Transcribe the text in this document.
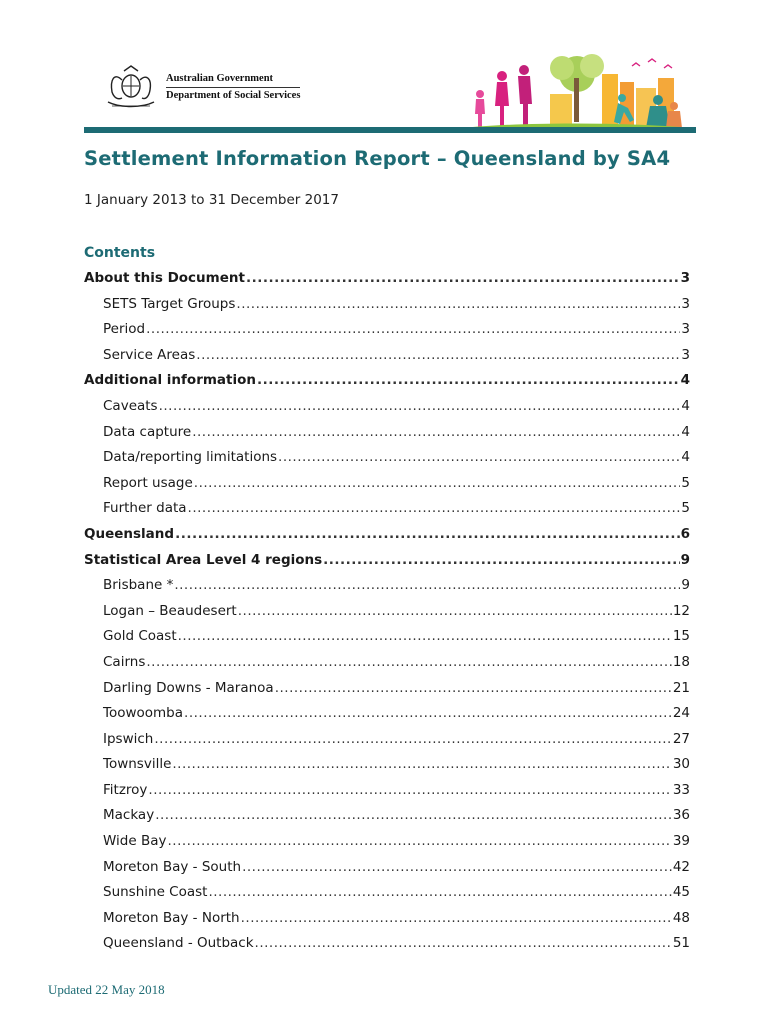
Australian Government
Department of Social Services
Settlement Information Report – Queensland by SA4
1 January 2013 to 31 December 2017
Contents
About this Document .....	3
SETS Target Groups .....	3
Period .....	3
Service Areas .....	3
Additional information .....	4
Caveats .....	4
Data capture .....	4
Data/reporting limitations .....	4
Report usage .....	5
Further data .....	5
Queensland .....	6
Statistical Area Level 4 regions .....	9
Brisbane * .....	9
Logan – Beaudesert .....	12
Gold Coast .....	15
Cairns .....	18
Darling Downs - Maranoa .....	21
Toowoomba .....	24
Ipswich .....	27
Townsville .....	30
Fitzroy .....	33
Mackay .....	36
Wide Bay .....	39
Moreton Bay - South .....	42
Sunshine Coast .....	45
Moreton Bay - North .....	48
Queensland - Outback .....	51
Updated 22 May 2018
